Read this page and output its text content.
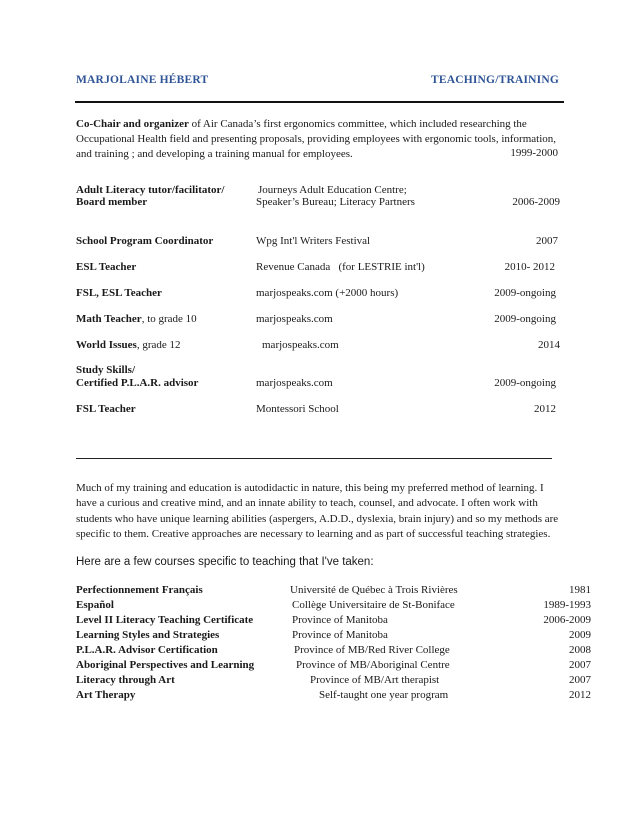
MARJOLAINE HÉBERT	TEACHING/TRAINING
Co-Chair and organizer of Air Canada’s first ergonomics committee, which included researching the
Occupational Health field and presenting proposals, providing employees with ergonomic tools, information,
and training ; and developing a training manual for employees.	1999-2000
Adult Literacy tutor/facilitator/	Journeys Adult Education Centre;
Board member	Speaker’s Bureau; Literacy Partners	2006-2009
School Program Coordinator	Wpg Int'l Writers Festival	2007
ESL Teacher	Revenue Canada   (for LESTRIE int'l)	2010- 2012
FSL, ESL Teacher	marjospeaks.com (+2000 hours)	2009-ongoing
Math Teacher, to grade 10	marjospeaks.com	2009-ongoing
World Issues, grade 12	marjospeaks.com	2014
Study Skills/
Certified P.L.A.R. advisor	marjospeaks.com	2009-ongoing
FSL Teacher	Montessori School	2012
Much of my training and education is autodidactic in nature, this being my preferred method of learning. I
have a curious and creative mind, and an innate ability to teach, counsel, and advocate. I often work with
students who have unique learning abilities (aspergers, A.D.D., dyslexia, brain injury) and so my methods are
specific to them. Creative approaches are necessary to learning and as part of successful teaching strategies.
Here are a few courses specific to teaching that I've taken:
Perfectionnement Français	Université de Québec à Trois Rivières	1981
Español	Collège Universitaire de St-Boniface	1989-1993
Level II Literacy Teaching Certificate	Province of Manitoba	2006-2009
Learning Styles and Strategies	Province of Manitoba	2009
P.L.A.R. Advisor Certification	Province of MB/Red River College	2008
Aboriginal Perspectives and Learning	Province of MB/Aboriginal Centre	2007
Literacy through Art	Province of MB/Art therapist	2007
Art Therapy	Self-taught one year program	2012
